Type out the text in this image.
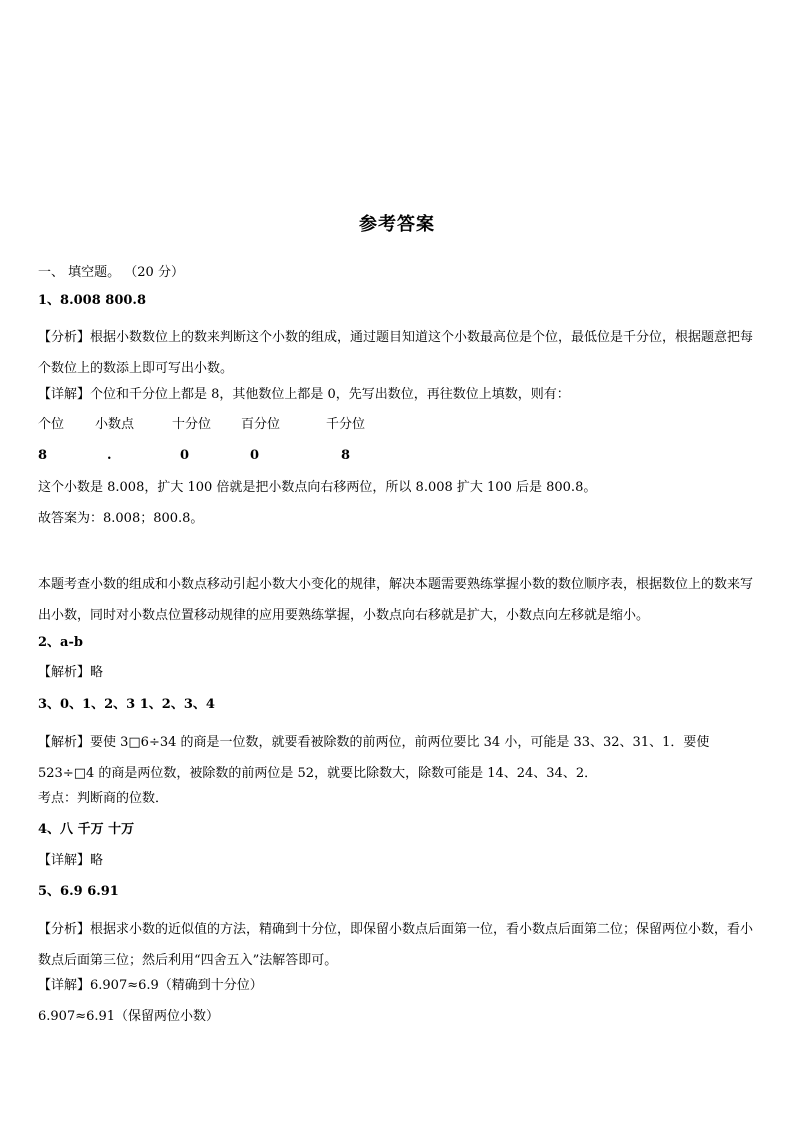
参考答案
一、 填空题。 （20 分）
1、8.008 800.8
【分析】根据小数数位上的数来判断这个小数的组成，通过题目知道这个小数最高位是个位，最低位是千分位，根据题意把每个数位上的数添上即可写出小数。
【详解】个位和千分位上都是 8，其他数位上都是 0，先写出数位，再往数位上填数，则有：
个位 小数点	十分位 百分位	千分位
8	.	0	0	8
这个小数是 8.008，扩大 100 倍就是把小数点向右移两位，所以 8.008 扩大 100 后是 800.8。
故答案为：8.008；800.8。
本题考查小数的组成和小数点移动引起小数大小变化的规律，解决本题需要熟练掌握小数的数位顺序表，根据数位上的数来写出小数，同时对小数点位置移动规律的应用要熟练掌握，小数点向右移就是扩大，小数点向左移就是缩小。
2、a-b
【解析】略
3、0、1、2、3 1、2、3、4
【解析】要使 3□6÷34 的商是一位数，就要看被除数的前两位，前两位要比 34 小，可能是 33、32、31、1．要使 523÷□4 的商是两位数，被除数的前两位是 52，就要比除数大，除数可能是 14、24、34、2．
考点：判断商的位数．
4、八 千万 十万
【详解】略
5、6.9 6.91
【分析】根据求小数的近似值的方法，精确到十分位，即保留小数点后面第一位，看小数点后面第二位；保留两位小数，看小数点后面第三位；然后利用“四舍五入”法解答即可。
【详解】6.907≈6.9（精确到十分位）
6.907≈6.91（保留两位小数）
